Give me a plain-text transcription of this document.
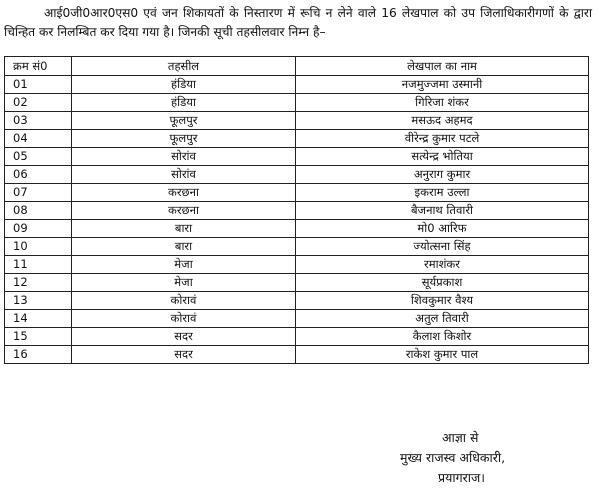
आई0जी0आर0एस0 एवं जन शिकायतों के निस्तारण में रूचि न लेने वाले 16 लेखपाल को उप जिलाधिकारीगणों के द्वारा चिन्हित कर निलम्बित कर दिया गया है। जिनकी सूची तहसीलवार निम्न है–

क्रम सं0	तहसील	लेखपाल का नाम
01	हंडिया	नजमुज्जमा उस्मानी
02	हंडिया	गिरिजा शंकर
03	फूलपुर	मसऊद अहमद
04	फूलपुर	वीरेन्द्र कुमार पटले
05	सोरांव	सत्येन्द्र भोतिया
06	सोरांव	अनुराग कुमार
07	करछना	इकराम उल्ला
08	करछना	बैजनाथ तिवारी
09	बारा	मो0 आरिफ
10	बारा	ज्योत्सना सिंह
11	मेजा	रमाशंकर
12	मेजा	सूर्यप्रकाश
13	कोरावं	शिवकुमार वैश्य
14	कोरावं	अतुल तिवारी
15	सदर	कैलाश किशोर
16	सदर	राकेश कुमार पाल
आज्ञा से
मुख्य राजस्व अधिकारी,
प्रयागराज।
